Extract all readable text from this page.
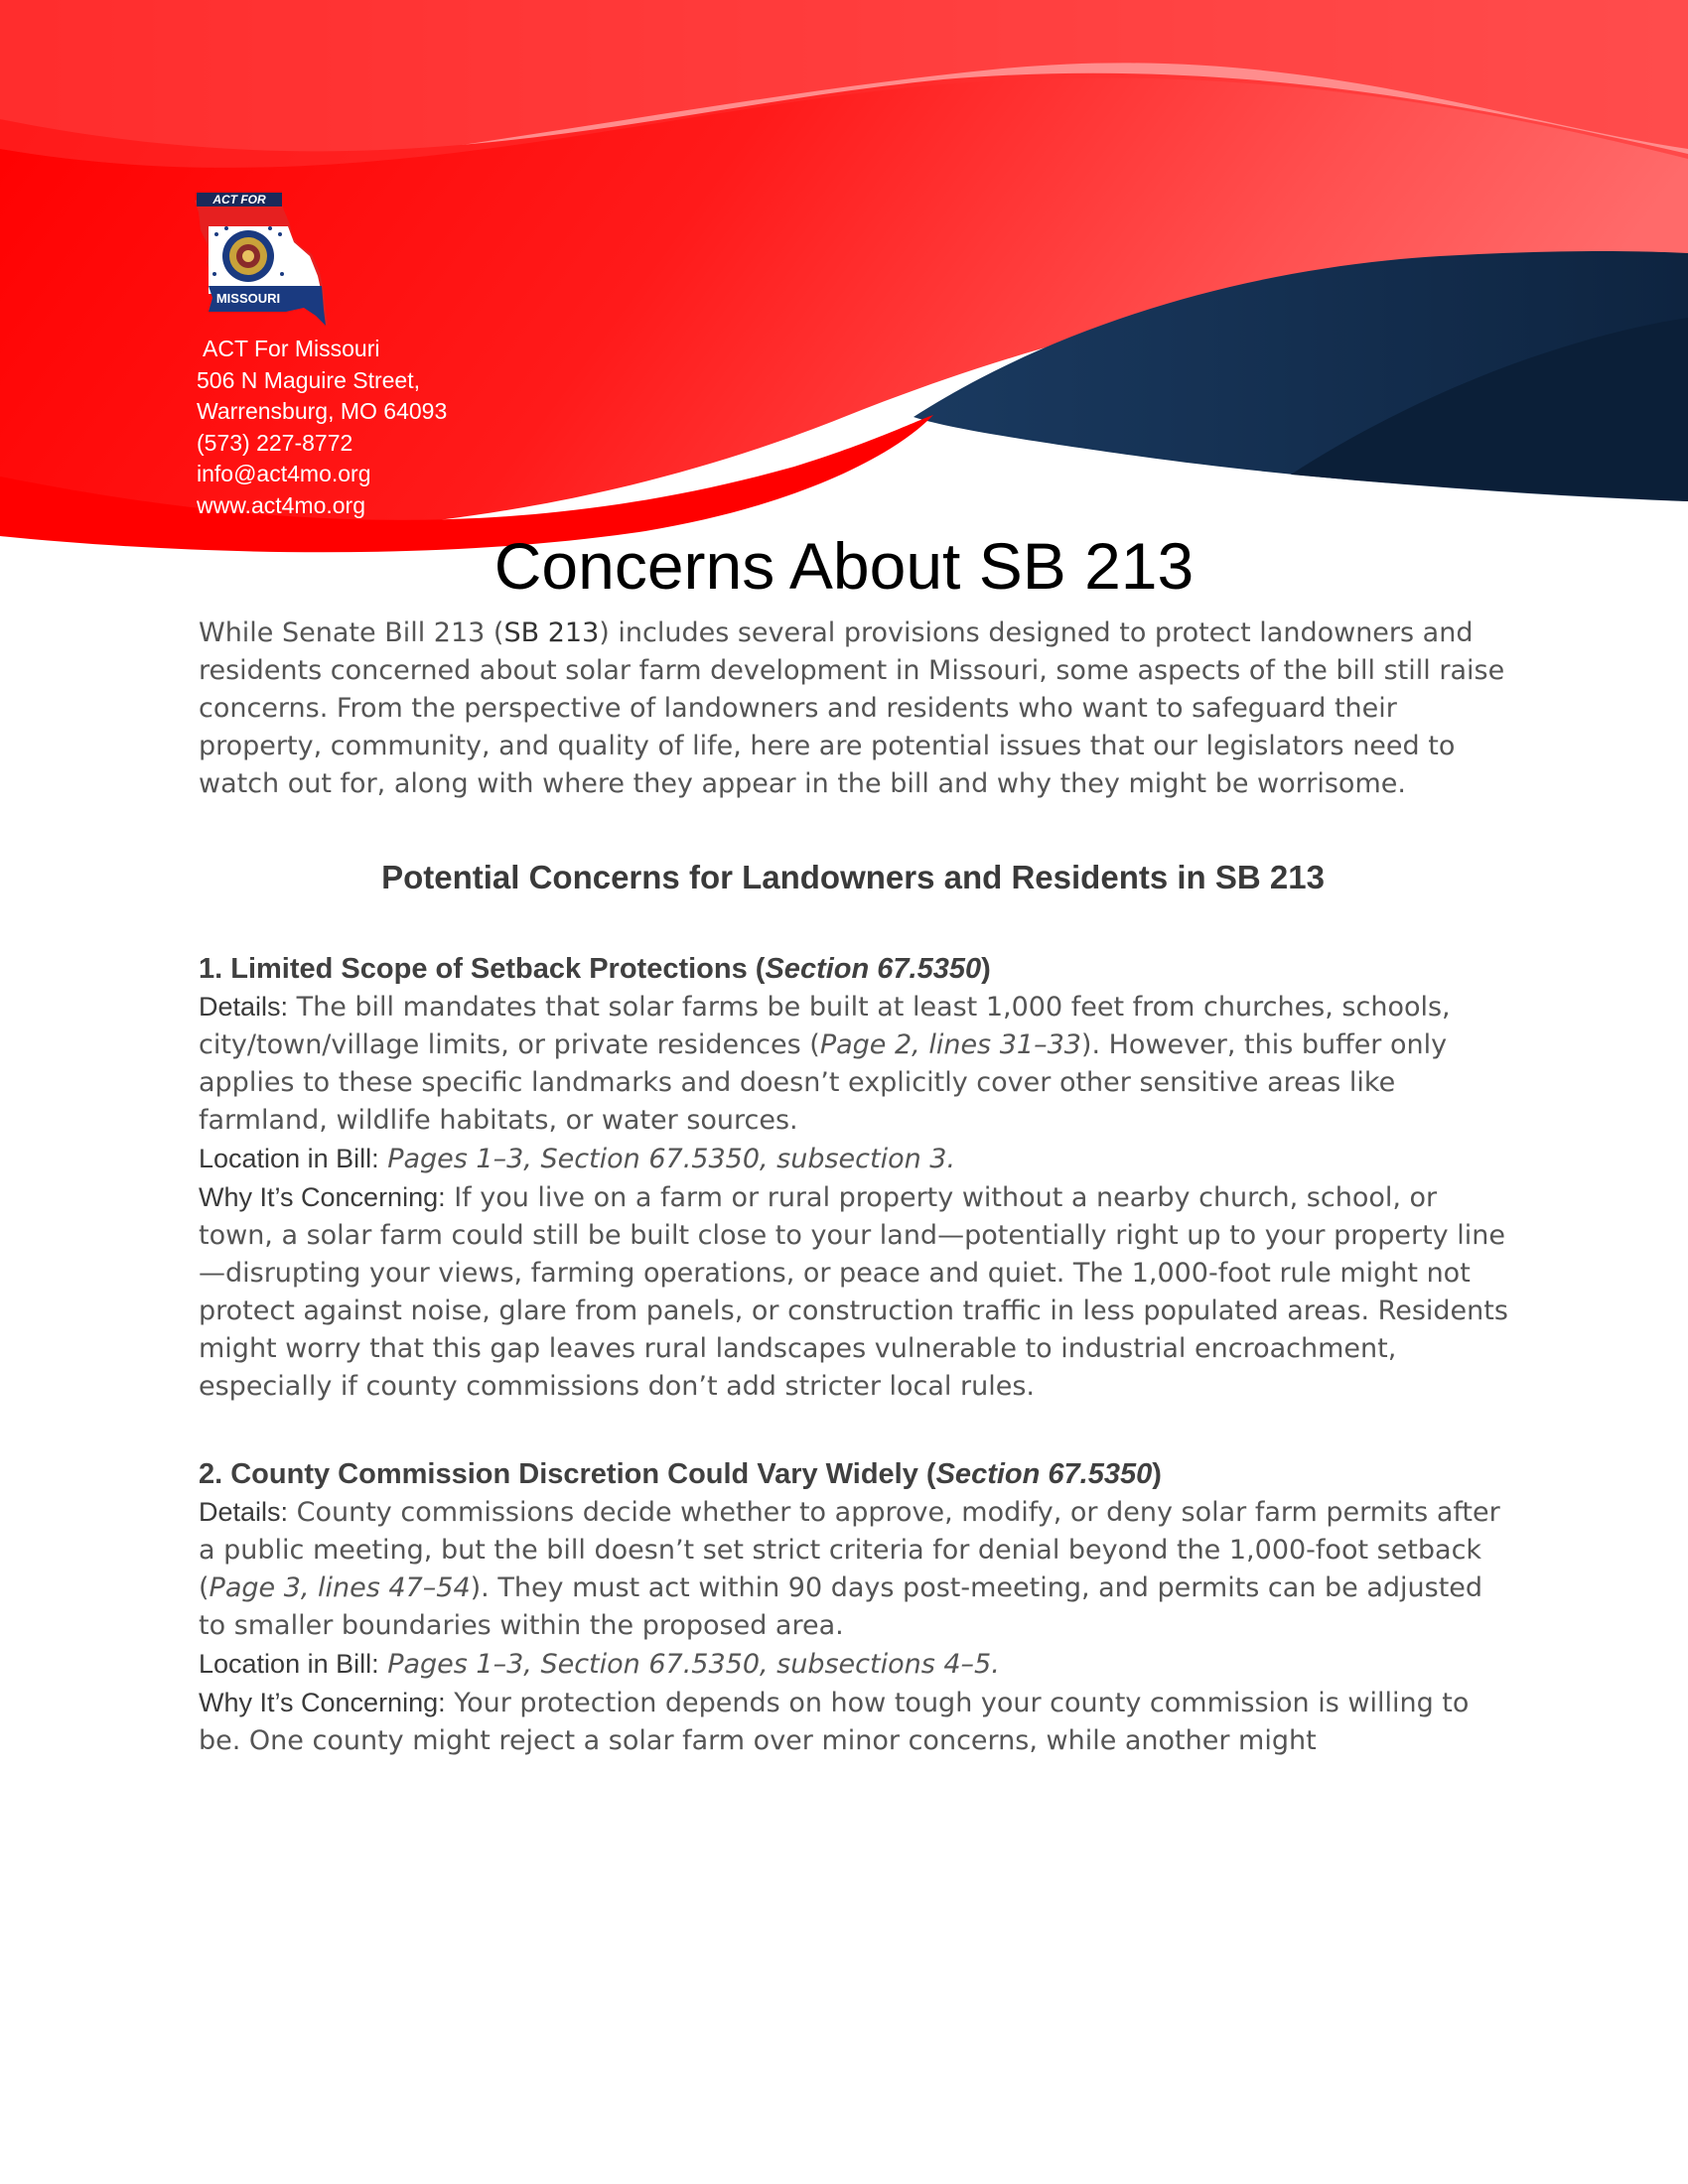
ACT FOR
MISSOURI
ACT For Missouri
506 N Maguire Street,
Warrensburg, MO 64093
(573) 227-8772
info@act4mo.org
www.act4mo.org
Concerns About SB 213

While Senate Bill 213 (SB 213) includes several provisions designed to protect landowners and residents concerned about solar farm development in Missouri, some aspects of the bill still raise concerns. From the perspective of landowners and residents who want to safeguard their property, community, and quality of life, here are potential issues that our legislators need to watch out for, along with where they appear in the bill and why they might be worrisome.

Potential Concerns for Landowners and Residents in SB 213
1. Limited Scope of Setback Protections (Section 67.5350)

Details: The bill mandates that solar farms be built at least 1,000 feet from churches, schools, city/town/village limits, or private residences (Page 2, lines 31–33). However, this buffer only applies to these specific landmarks and doesn’t explicitly cover other sensitive areas like farmland, wildlife habitats, or water sources.

Location in Bill: Pages 1–3, Section 67.5350, subsection 3.

Why It’s Concerning: If you live on a farm or rural property without a nearby church, school, or town, a solar farm could still be built close to your land—potentially right up to your property line—disrupting your views, farming operations, or peace and quiet. The 1,000-foot rule might not protect against noise, glare from panels, or construction traffic in less populated areas. Residents might worry that this gap leaves rural landscapes vulnerable to industrial encroachment, especially if county commissions don’t add stricter local rules.

2. County Commission Discretion Could Vary Widely (Section 67.5350)

Details: County commissions decide whether to approve, modify, or deny solar farm permits after a public meeting, but the bill doesn’t set strict criteria for denial beyond the 1,000-foot setback (Page 3, lines 47–54). They must act within 90 days post-meeting, and permits can be adjusted to smaller boundaries within the proposed area.

Location in Bill: Pages 1–3, Section 67.5350, subsections 4–5.

Why It’s Concerning: Your protection depends on how tough your county commission is willing to be. One county might reject a solar farm over minor concerns, while another might
